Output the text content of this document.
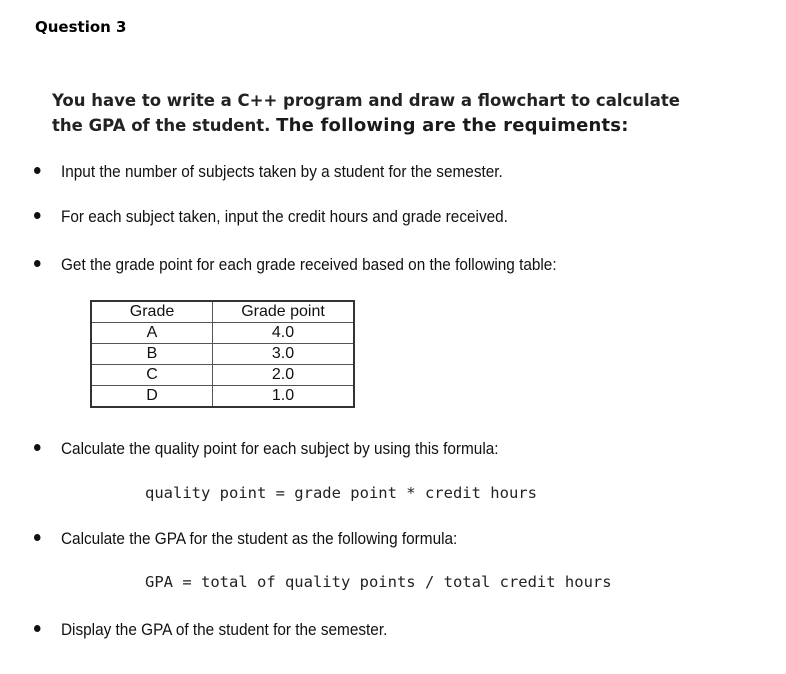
Question 3
You have to write a C++ program and draw a flowchart to calculate
the GPA of the student. The following are the requiments:
Input the number of subjects taken by a student for the semester.
For each subject taken, input the credit hours and grade received.
Get the grade point for each grade received based on the following table:
Grade	Grade point
A	4.0
B	3.0
C	2.0
D	1.0
Calculate the quality point for each subject by using this formula:
quality point = grade point * credit hours
Calculate the GPA for the student as the following formula:
GPA = total of quality points / total credit hours
Display the GPA of the student for the semester.
